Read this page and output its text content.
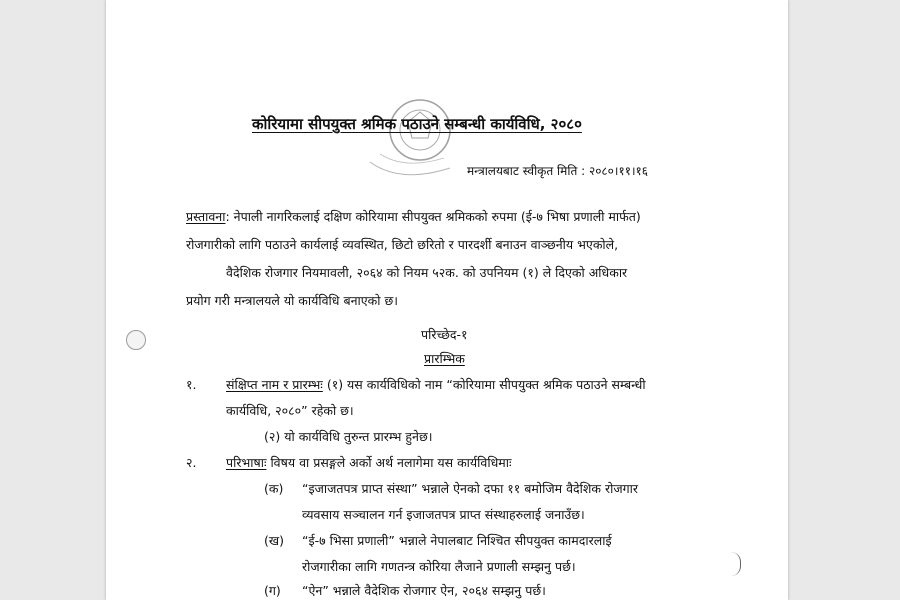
कोरियामा सीपयुक्त श्रमिक पठाउने सम्बन्धी कार्यविधि, २०८०
मन्त्रालयबाट स्वीकृत मिति : २०८०।११।१६
प्रस्तावना: नेपाली नागरिकलाई दक्षिण कोरियामा सीपयुक्त श्रमिकको रुपमा (ई-७ भिषा प्रणाली मार्फत)
रोजगारीको लागि पठाउने कार्यलाई व्यवस्थित, छिटो छरितो र पारदर्शी बनाउन वाञ्छनीय भएकोले,
वैदेशिक रोजगार नियमावली, २०६४ को नियम ५२क. को उपनियम (१) ले दिएको अधिकार
प्रयोग गरी मन्त्रालयले यो कार्यविधि बनाएको छ।
परिच्छेद-१
प्रारम्भिक
१. संक्षिप्त नाम र प्रारम्भः (१) यस कार्यविधिको नाम “कोरियामा सीपयुक्त श्रमिक पठाउने सम्बन्धी
कार्यविधि, २०८०” रहेको छ।
(२) यो कार्यविधि तुरुन्त प्रारम्भ हुनेछ।
२. परिभाषाः विषय वा प्रसङ्गले अर्को अर्थ नलागेमा यस कार्यविधिमाः
(क) “इजाजतपत्र प्राप्त संस्था” भन्नाले ऐनको दफा ११ बमोजिम वैदेशिक रोजगार
व्यवसाय सञ्चालन गर्न इजाजतपत्र प्राप्त संस्थाहरुलाई जनाउँछ।
(ख) “ई-७ भिसा प्रणाली” भन्नाले नेपालबाट निश्चित सीपयुक्त कामदारलाई
रोजगारीका लागि गणतन्त्र कोरिया लैजाने प्रणाली सम्झनु पर्छ।
(ग) “ऐन” भन्नाले वैदेशिक रोजगार ऐन, २०६४ सम्झनु पर्छ।
